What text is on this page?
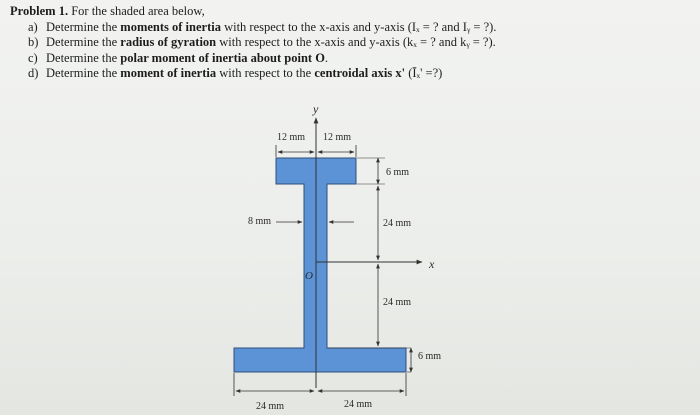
Problem 1. For the shaded area below,
a) Determine the moments of inertia with respect to the x-axis and y-axis (Iₓ = ? and Iᵧ = ?).
b) Determine the radius of gyration with respect to the x-axis and y-axis (kₓ = ? and kᵧ = ?).
c) Determine the polar moment of inertia about point O.
d) Determine the moment of inertia with respect to the centroidal axis x' (Īₓ' =?)
y
x
O
12 mm 12 mm
6 mm
24 mm
24 mm
6 mm
8 mm
24 mm	24 mm
